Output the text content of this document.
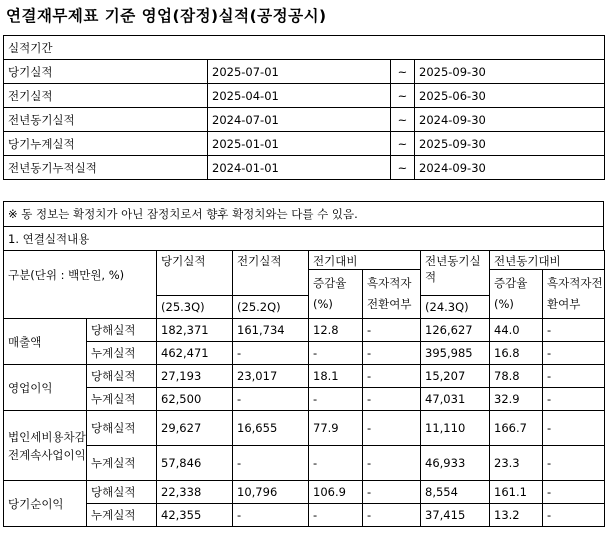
연결재무제표 기준 영업(잠정)실적(공정공시)
실적기간			
당기실적	2025-07-01	~	2025-09-30
전기실적	2025-04-01	~	2025-06-30
전년동기실적	2024-07-01	~	2024-09-30
당기누계실적	2025-01-01	~	2025-09-30
전년동기누적실적	2024-01-01	~	2024-09-30
※ 동 정보는 확정치가 아닌 잠정치로서 향후 확정치와는 다를 수 있음.
1. 연결실적내용
구분(단위 : 백만원, %)		당기실적	전기실적	전기대비		전년동기실적	전년동기대비	
				증감율(%)	흑자적자전환여부		증감율(%)	흑자적자전환여부
		(25.3Q)	(25.2Q)			(24.3Q)		
매출액	당해실적	182,371	161,734	12.8	-	126,627	44.0	-
	누계실적	462,471	-	-	-	395,985	16.8	-
영업이익	당해실적	27,193	23,017	18.1	-	15,207	78.8	-
	누계실적	62,500	-	-	-	47,031	32.9	-
법인세비용차감전계속사업이익	당해실적	29,627	16,655	77.9	-	11,110	166.7	-
	누계실적	57,846	-	-	-	46,933	23.3	-
당기순이익	당해실적	22,338	10,796	106.9	-	8,554	161.1	-
	누계실적	42,355	-	-	-	37,415	13.2	-
